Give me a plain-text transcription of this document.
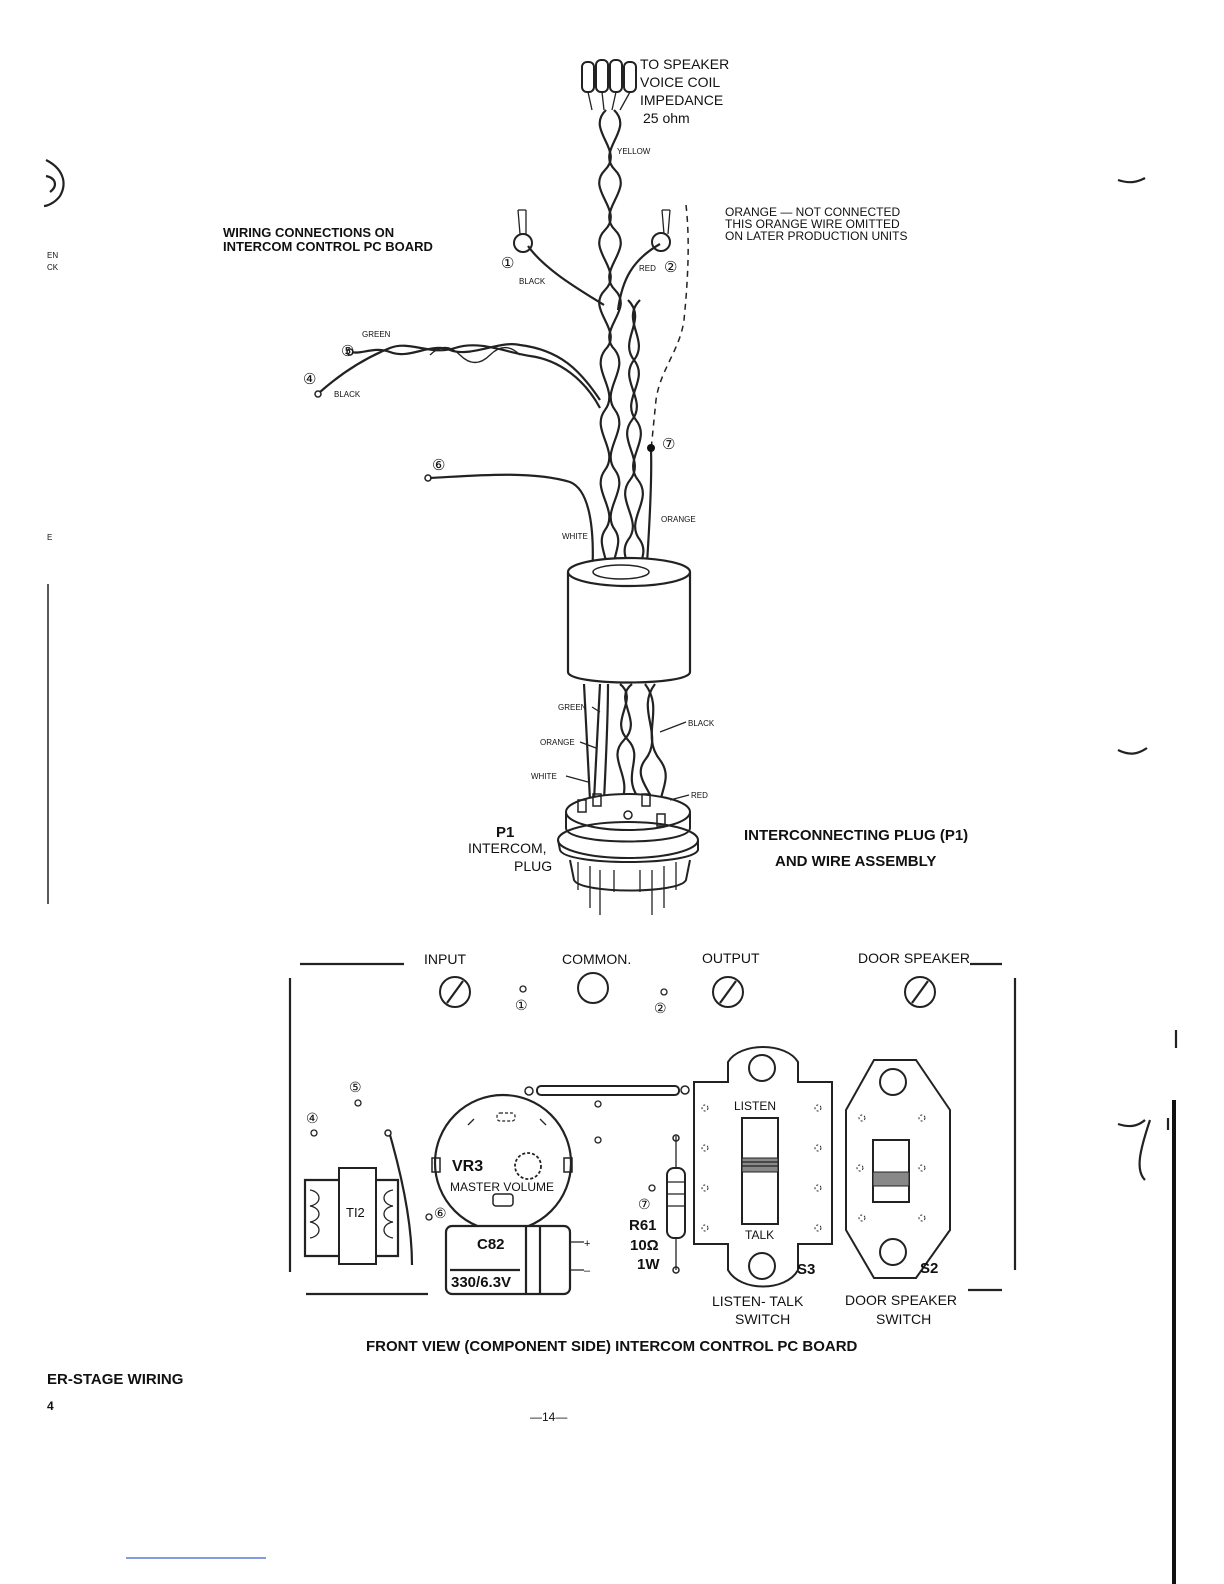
TO SPEAKER
VOICE COIL
IMPEDANCE
25 ohm
YELLOW
WIRING CONNECTIONS ON
INTERCOM CONTROL PC BOARD
ORANGE — NOT CONNECTED
THIS ORANGE WIRE OMITTED
ON LATER PRODUCTION UNITS
①
BLACK
RED ②
GREEN
⑤
④
BLACK
⑦
⑥
WHITE
ORANGE
GREEN
BLACK
ORANGE
WHITE
RED
P1
INTERCOM,
PLUG
INTERCONNECTING PLUG (P1)
AND WIRE ASSEMBLY
INPUT	COMMON.	OUTPUT	DOOR SPEAKER
①	②
⑤
④
⑥
⑦
TI2
VR3
MASTER VOLUME
C82
330/6.3V
+
–
R61
10Ω
1W
LISTEN
TALK
S3	S2
LISTEN- TALK
SWITCH
DOOR SPEAKER
SWITCH
FRONT VIEW (COMPONENT SIDE) INTERCOM CONTROL PC BOARD
EN
CK
E
ΕR-STAGE WIRING
4
—14—
